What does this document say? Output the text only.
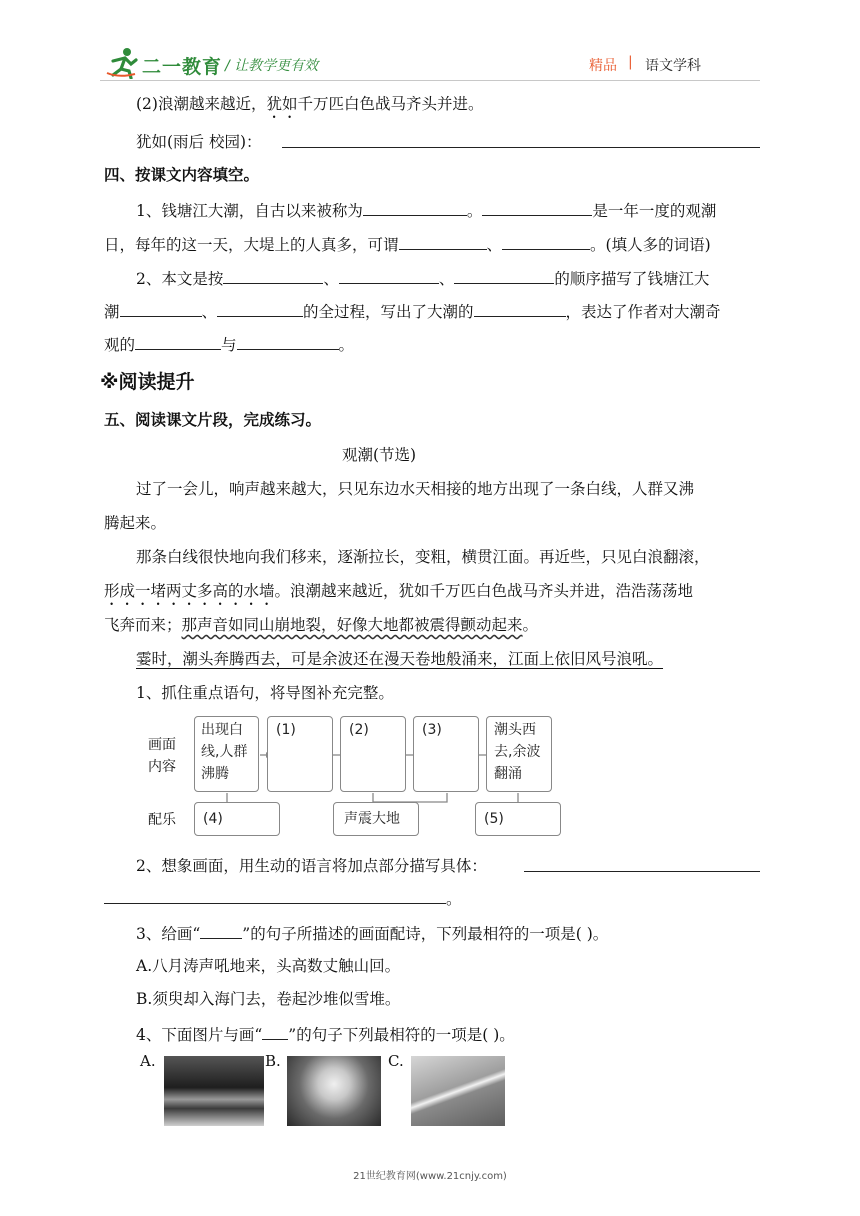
二一教育 / 让教学更有效	精品 | 语文学科
(2)浪潮越来越近，犹如千万匹白色战马齐头并进。
犹如(雨后 校园)：
四、按课文内容填空。
1、钱塘江大潮，自古以来被称为	。	是一年一度的观潮
日，每年的这一天，大堤上的人真多，可谓	、	。(填人多的词语)
2、本文是按	、	、	的顺序描写了钱塘江大
潮	、	的全过程，写出了大潮的	，表达了作者对大潮奇
观的	与	。
※阅读提升
五、阅读课文片段，完成练习。
观潮(节选)
过了一会儿，响声越来越大，只见东边水天相接的地方出现了一条白线，人群又沸
腾起来。
那条白线很快地向我们移来，逐渐拉长，变粗，横贯江面。再近些，只见白浪翻滚，
形成一堵两丈多高的水墙。浪潮越来越近，犹如千万匹白色战马齐头并进，浩浩荡荡地
飞奔而来；那声音如同山崩地裂，好像大地都被震得颤动起来。
霎时，潮头奔腾西去，可是余波还在漫天卷地般涌来，江面上依旧风号浪吼。
1、抓住重点语句，将导图补充完整。
画面
内容
配乐
出现白
线,人群
沸腾
(1)	(2)	(3)	潮头西
去,余波
翻涌
(4)	声震大地	(5)
2、想象画面，用生动的语言将加点部分描写具体：
。
3、给画“	”的句子所描述的画面配诗，下列最相符的一项是( )。
A.八月涛声吼地来，头高数丈触山回。
B.须臾却入海门去，卷起沙堆似雪堆。
4、下面图片与画“ ”的句子下列最相符的一项是( )。
A.	B.	C.
21世纪教育网(www.21cnjy.com)
